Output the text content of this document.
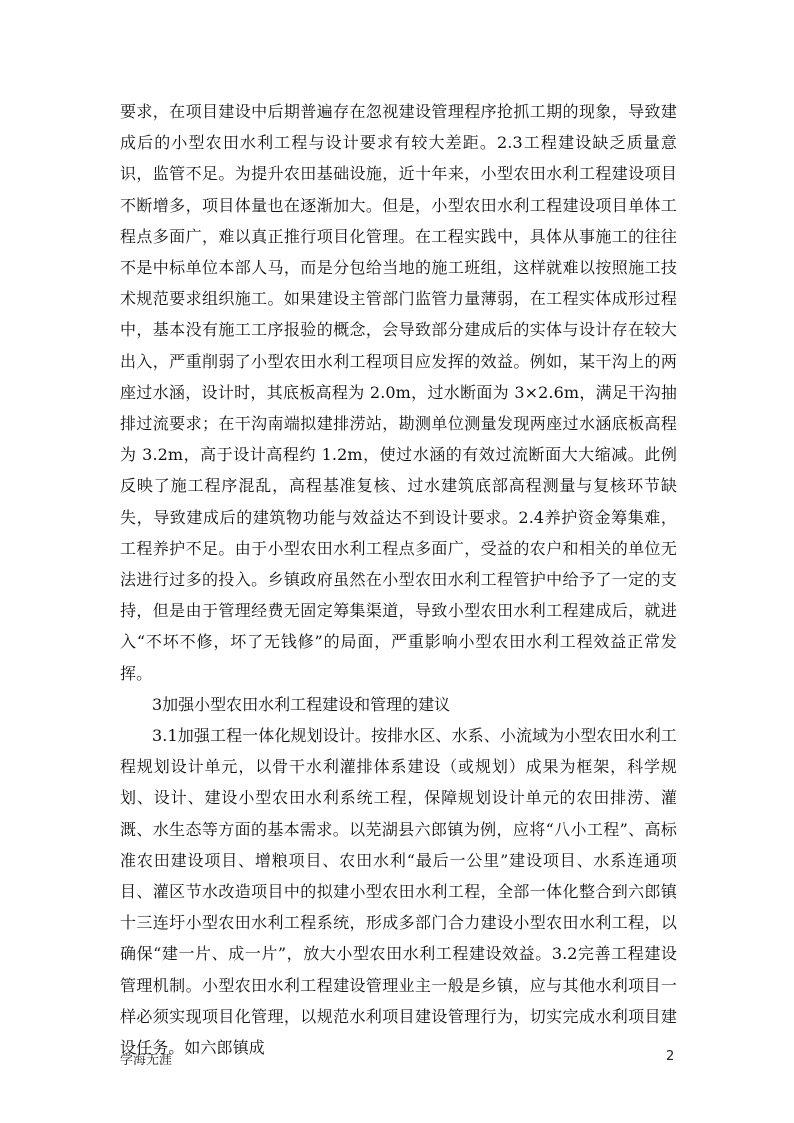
要求，在项目建设中后期普遍存在忽视建设管理程序抢抓工期的现象，导致建成后的小型农田水利工程与设计要求有较大差距。2.3工程建设缺乏质量意识，监管不足。为提升农田基础设施，近十年来，小型农田水利工程建设项目不断增多，项目体量也在逐渐加大。但是，小型农田水利工程建设项目单体工程点多面广，难以真正推行项目化管理。在工程实践中，具体从事施工的往往不是中标单位本部人马，而是分包给当地的施工班组，这样就难以按照施工技术规范要求组织施工。如果建设主管部门监管力量薄弱，在工程实体成形过程中，基本没有施工工序报验的概念，会导致部分建成后的实体与设计存在较大出入，严重削弱了小型农田水利工程项目应发挥的效益。例如，某干沟上的两座过水涵，设计时，其底板高程为 2.0m，过水断面为 3×2.6m，满足干沟抽排过流要求；在干沟南端拟建排涝站，勘测单位测量发现两座过水涵底板高程为 3.2m，高于设计高程约 1.2m，使过水涵的有效过流断面大大缩减。此例反映了施工程序混乱，高程基准复核、过水建筑底部高程测量与复核环节缺失，导致建成后的建筑物功能与效益达不到设计要求。2.4养护资金筹集难，工程养护不足。由于小型农田水利工程点多面广，受益的农户和相关的单位无法进行过多的投入。乡镇政府虽然在小型农田水利工程管护中给予了一定的支持，但是由于管理经费无固定筹集渠道，导致小型农田水利工程建成后，就进入“不坏不修，坏了无钱修”的局面，严重影响小型农田水利工程效益正常发挥。

3加强小型农田水利工程建设和管理的建议

3.1加强工程一体化规划设计。按排水区、水系、小流域为小型农田水利工程规划设计单元，以骨干水利灌排体系建设（或规划）成果为框架，科学规划、设计、建设小型农田水利系统工程，保障规划设计单元的农田排涝、灌溉、水生态等方面的基本需求。以芜湖县六郎镇为例，应将“八小工程”、高标准农田建设项目、增粮项目、农田水利“最后一公里”建设项目、水系连通项目、灌区节水改造项目中的拟建小型农田水利工程，全部一体化整合到六郎镇十三连圩小型农田水利工程系统，形成多部门合力建设小型农田水利工程，以确保“建一片、成一片”，放大小型农田水利工程建设效益。3.2完善工程建设管理机制。小型农田水利工程建设管理业主一般是乡镇，应与其他水利项目一样必须实现项目化管理，以规范水利项目建设管理行为，切实完成水利项目建设任务。如六郎镇成

学海无涯	2
